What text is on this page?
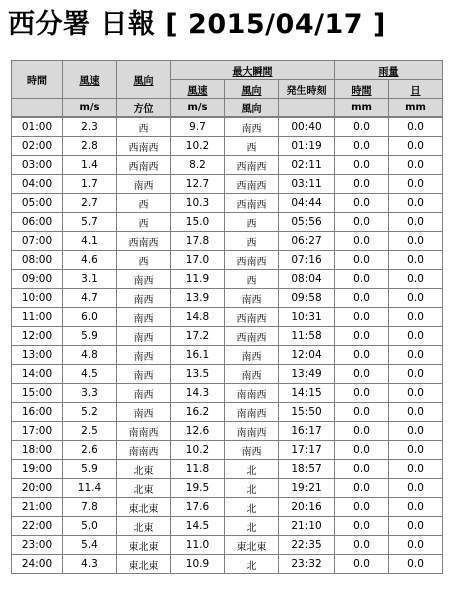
西分署 日報 [ 2015/04/17 ]
時間	風速	風向	最大瞬間			雨量	
			風速	風向	発生時刻	時間	日
	m/s	方位	m/s	風向		mm	mm
01:00	2.3	西	9.7	南西	00:40	0.0	0.0
02:00	2.8	西南西	10.2	西	01:19	0.0	0.0
03:00	1.4	西南西	8.2	西南西	02:11	0.0	0.0
04:00	1.7	南西	12.7	西南西	03:11	0.0	0.0
05:00	2.7	西	10.3	西南西	04:44	0.0	0.0
06:00	5.7	西	15.0	西	05:56	0.0	0.0
07:00	4.1	西南西	17.8	西	06:27	0.0	0.0
08:00	4.6	西	17.0	西南西	07:16	0.0	0.0
09:00	3.1	南西	11.9	西	08:04	0.0	0.0
10:00	4.7	南西	13.9	南西	09:58	0.0	0.0
11:00	6.0	南西	14.8	西南西	10:31	0.0	0.0
12:00	5.9	南西	17.2	西南西	11:58	0.0	0.0
13:00	4.8	南西	16.1	南西	12:04	0.0	0.0
14:00	4.5	南西	13.5	南西	13:49	0.0	0.0
15:00	3.3	南西	14.3	南南西	14:15	0.0	0.0
16:00	5.2	南西	16.2	南南西	15:50	0.0	0.0
17:00	2.5	南南西	12.6	南南西	16:17	0.0	0.0
18:00	2.6	南南西	10.2	南西	17:17	0.0	0.0
19:00	5.9	北東	11.8	北	18:57	0.0	0.0
20:00	11.4	北東	19.5	北	19:21	0.0	0.0
21:00	7.8	東北東	17.6	北	20:16	0.0	0.0
22:00	5.0	北東	14.5	北	21:10	0.0	0.0
23:00	5.4	東北東	11.0	東北東	22:35	0.0	0.0
24:00	4.3	東北東	10.9	北	23:32	0.0	0.0
